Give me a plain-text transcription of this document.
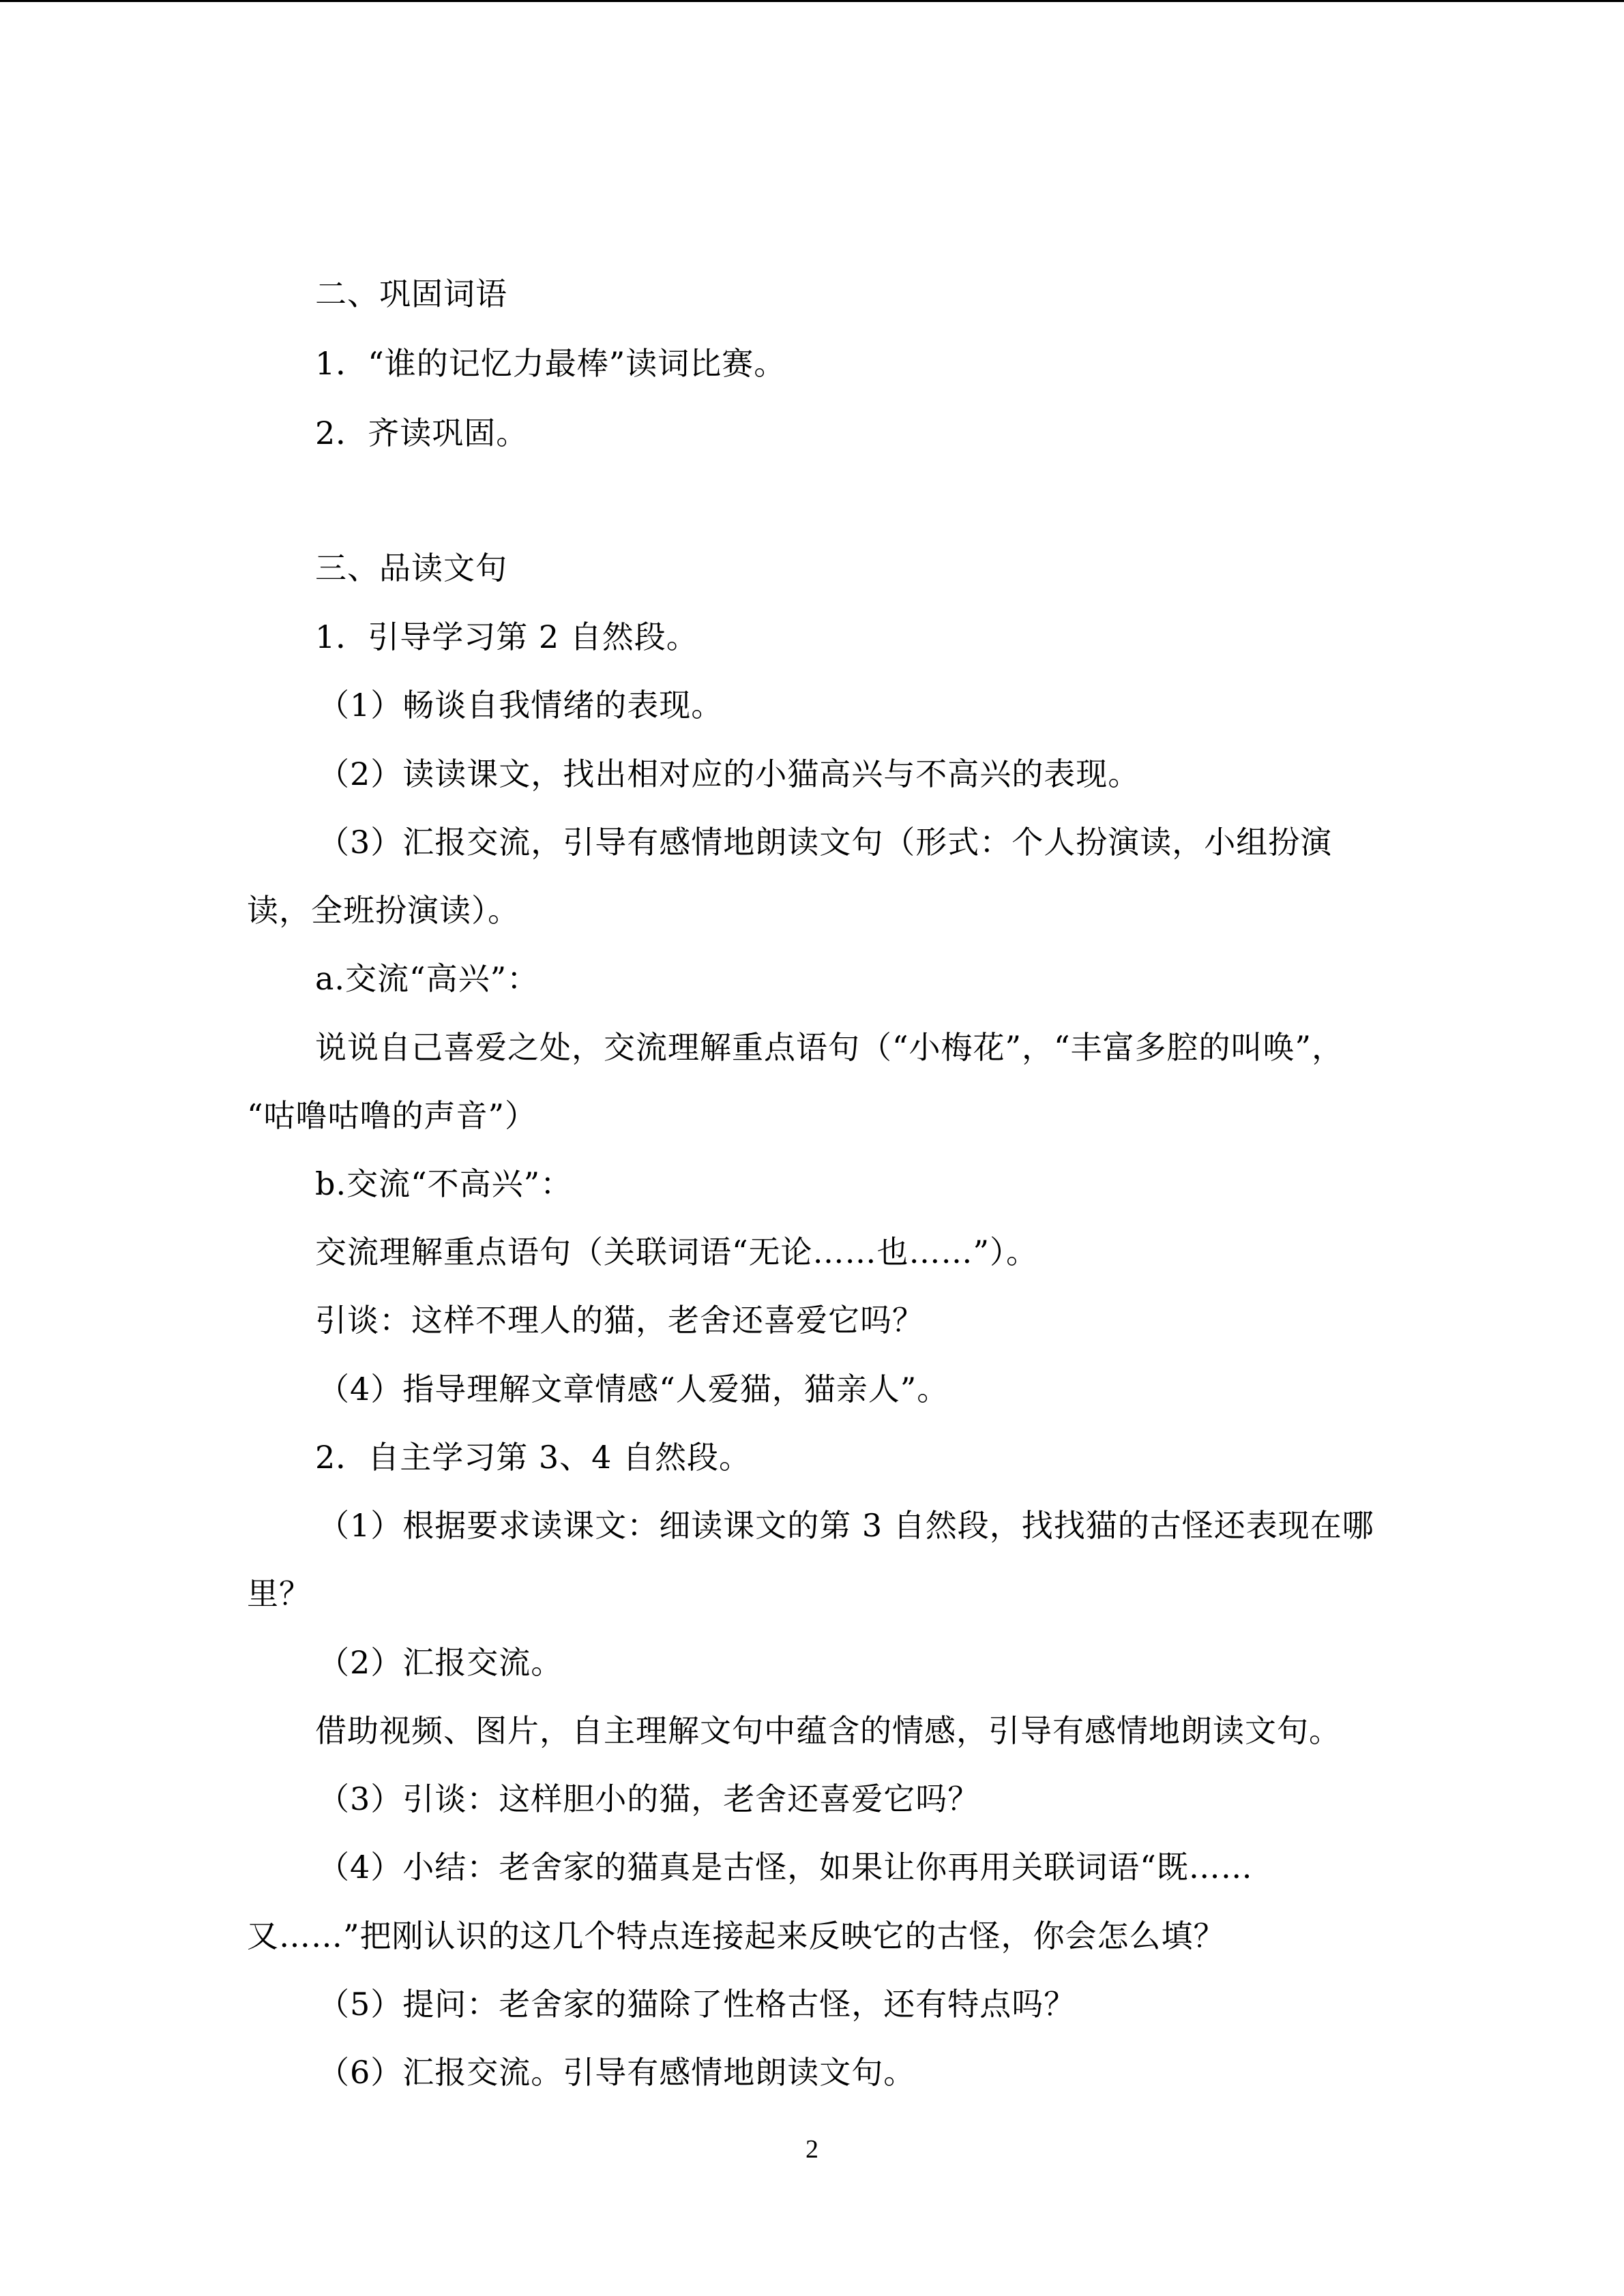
二、巩固词语
1．“谁的记忆力最棒”读词比赛。
2．齐读巩固。
三、品读文句
1．引导学习第 2 自然段。
（1）畅谈自我情绪的表现。
（2）读读课文，找出相对应的小猫高兴与不高兴的表现。
（3）汇报交流，引导有感情地朗读文句（形式：个人扮演读，小组扮演
读，全班扮演读）。
a.交流“高兴”：
说说自己喜爱之处，交流理解重点语句（“小梅花”，“丰富多腔的叫唤”，
“咕噜咕噜的声音”）
b.交流“不高兴”：
交流理解重点语句（关联词语“无论……也……”）。
引谈：这样不理人的猫，老舍还喜爱它吗？
（4）指导理解文章情感“人爱猫，猫亲人”。
2．自主学习第 3、4 自然段。
（1）根据要求读课文：细读课文的第 3 自然段，找找猫的古怪还表现在哪
里？
（2）汇报交流。
借助视频、图片，自主理解文句中蕴含的情感，引导有感情地朗读文句。
（3）引谈：这样胆小的猫，老舍还喜爱它吗？
（4）小结：老舍家的猫真是古怪，如果让你再用关联词语“既……
又……”把刚认识的这几个特点连接起来反映它的古怪，你会怎么填？
（5）提问：老舍家的猫除了性格古怪，还有特点吗？
（6）汇报交流。引导有感情地朗读文句。
2
